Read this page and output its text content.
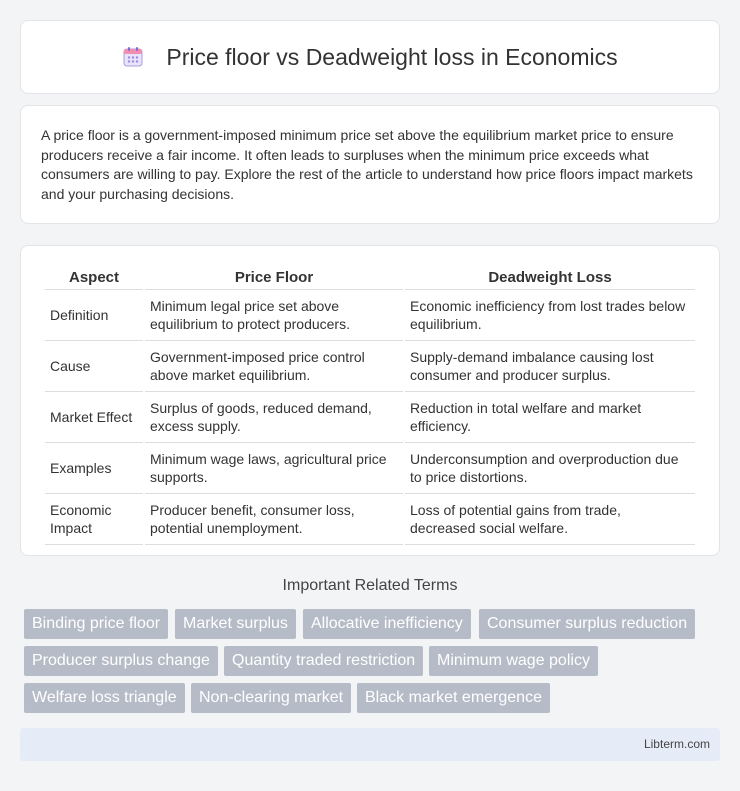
Price floor vs Deadweight loss in Economics

A price floor is a government-imposed minimum price set above the equilibrium market price to ensure producers receive a fair income. It often leads to surpluses when the minimum price exceeds what consumers are willing to pay. Explore the rest of the article to understand how price floors impact markets and your purchasing decisions.

Aspect	Price Floor	Deadweight Loss
Definition	Minimum legal price set above equilibrium to protect producers.	Economic inefficiency from lost trades below equilibrium.
Cause	Government-imposed price control above market equilibrium.	Supply-demand imbalance causing lost consumer and producer surplus.
Market Effect	Surplus of goods, reduced demand, excess supply.	Reduction in total welfare and market efficiency.
Examples	Minimum wage laws, agricultural price supports.	Underconsumption and overproduction due to price distortions.
Economic Impact	Producer benefit, consumer loss, potential unemployment.	Loss of potential gains from trade, decreased social welfare.
Important Related Terms
Binding price floor	Market surplus	Allocative inefficiency	Consumer surplus reduction
Producer surplus change	Quantity traded restriction	Minimum wage policy
Welfare loss triangle	Non-clearing market	Black market emergence
Libterm.com
